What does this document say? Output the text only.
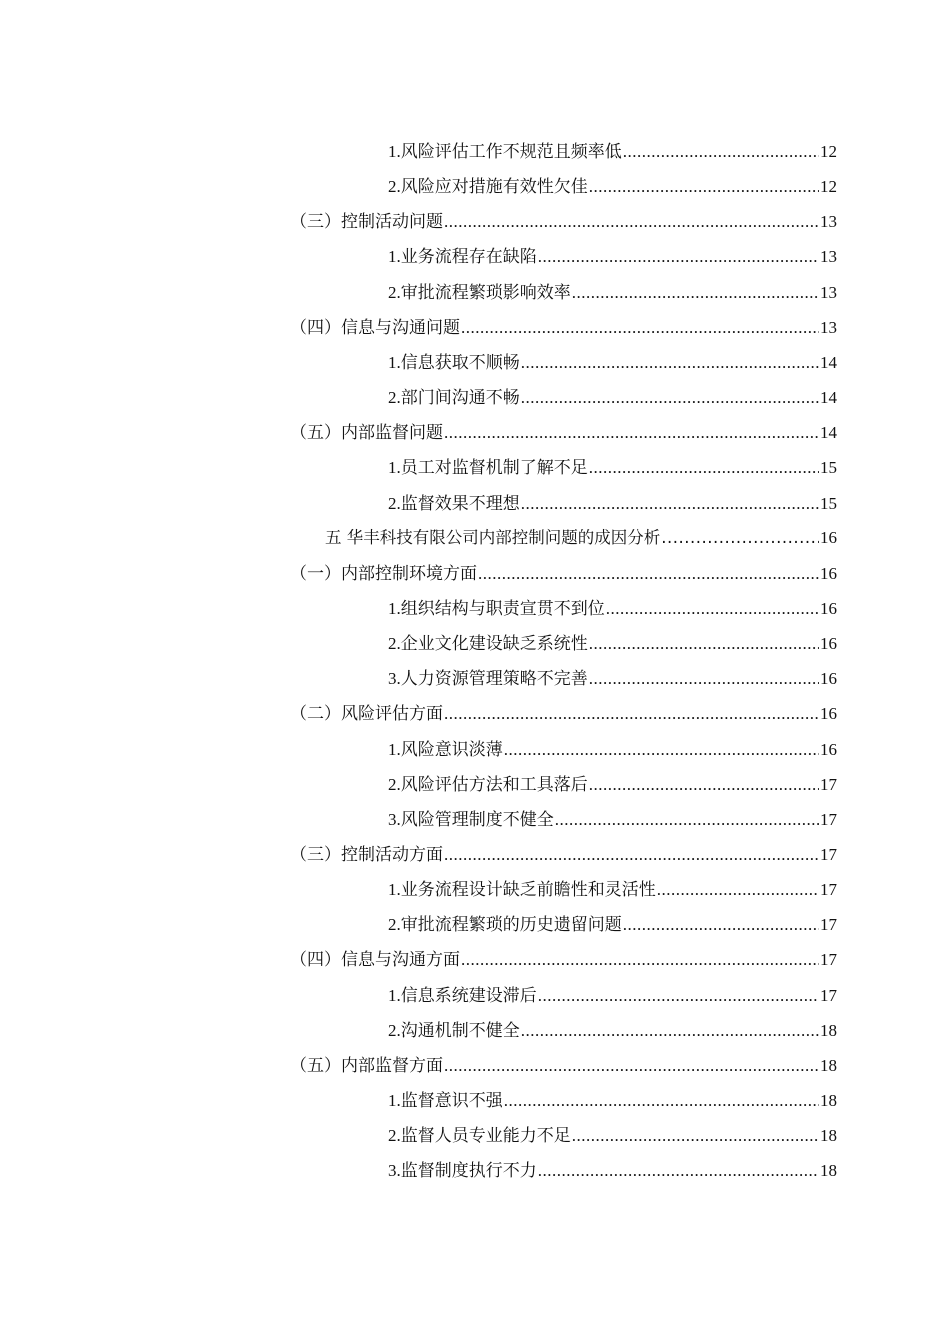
1.风险评估工作不规范且频率低 .....	12
2.风险应对措施有效性欠佳 .....	12
（三）控制活动问题 .....	13
1.业务流程存在缺陷 .....	13
2.审批流程繁琐影响效率 .....	13
（四）信息与沟通问题 .....	13
1.信息获取不顺畅 .....	14
2.部门间沟通不畅 .....	14
（五）内部监督问题 .....	14
1.员工对监督机制了解不足 .....	15
2.监督效果不理想 .....	15
五 华丰科技有限公司内部控制问题的成因分析 .....	16
（一）内部控制环境方面 .....	16
1.组织结构与职责宣贯不到位 .....	16
2.企业文化建设缺乏系统性 .....	16
3.人力资源管理策略不完善 .....	16
（二）风险评估方面 .....	16
1.风险意识淡薄 .....	16
2.风险评估方法和工具落后 .....	17
3.风险管理制度不健全 .....	17
（三）控制活动方面 .....	17
1.业务流程设计缺乏前瞻性和灵活性 .....	17
2.审批流程繁琐的历史遗留问题 .....	17
（四）信息与沟通方面 .....	17
1.信息系统建设滞后 .....	17
2.沟通机制不健全 .....	18
（五）内部监督方面 .....	18
1.监督意识不强 .....	18
2.监督人员专业能力不足 .....	18
3.监督制度执行不力 .....	18
